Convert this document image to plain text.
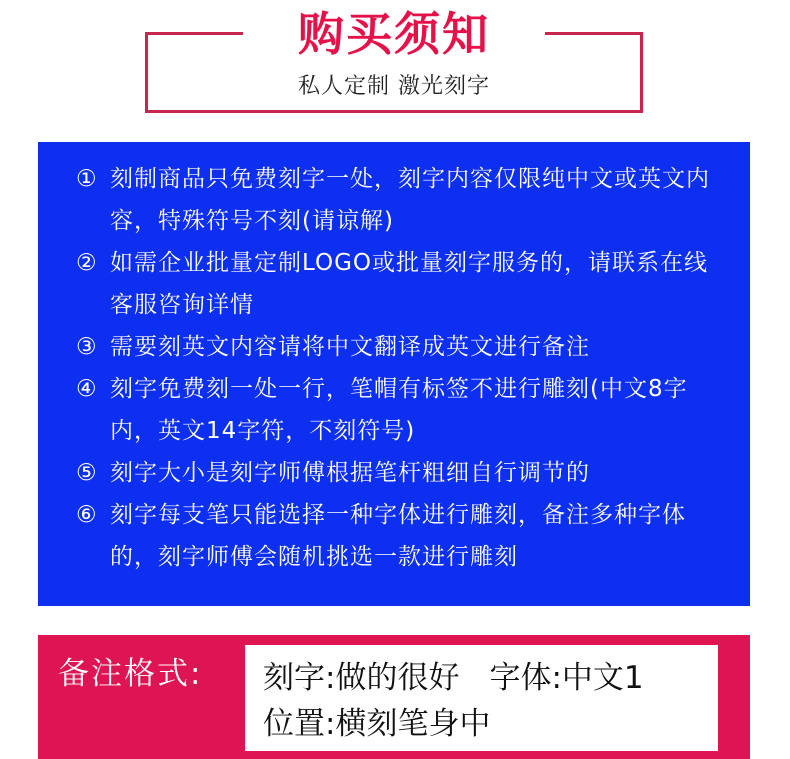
购买须知
私人定制 激光刻字
① 刻制商品只免费刻字一处，刻字内容仅限纯中文或英文内容，特殊符号不刻(请谅解)
② 如需企业批量定制LOGO或批量刻字服务的，请联系在线客服咨询详情
③ 需要刻英文内容请将中文翻译成英文进行备注
④ 刻字免费刻一处一行，笔帽有标签不进行雕刻(中文8字内，英文14字符，不刻符号)
⑤ 刻字大小是刻字师傅根据笔杆粗细自行调节的
⑥ 刻字每支笔只能选择一种字体进行雕刻，备注多种字体的，刻字师傅会随机挑选一款进行雕刻
备注格式: 刻字:做的很好 字体:中文1
位置:横刻笔身中
